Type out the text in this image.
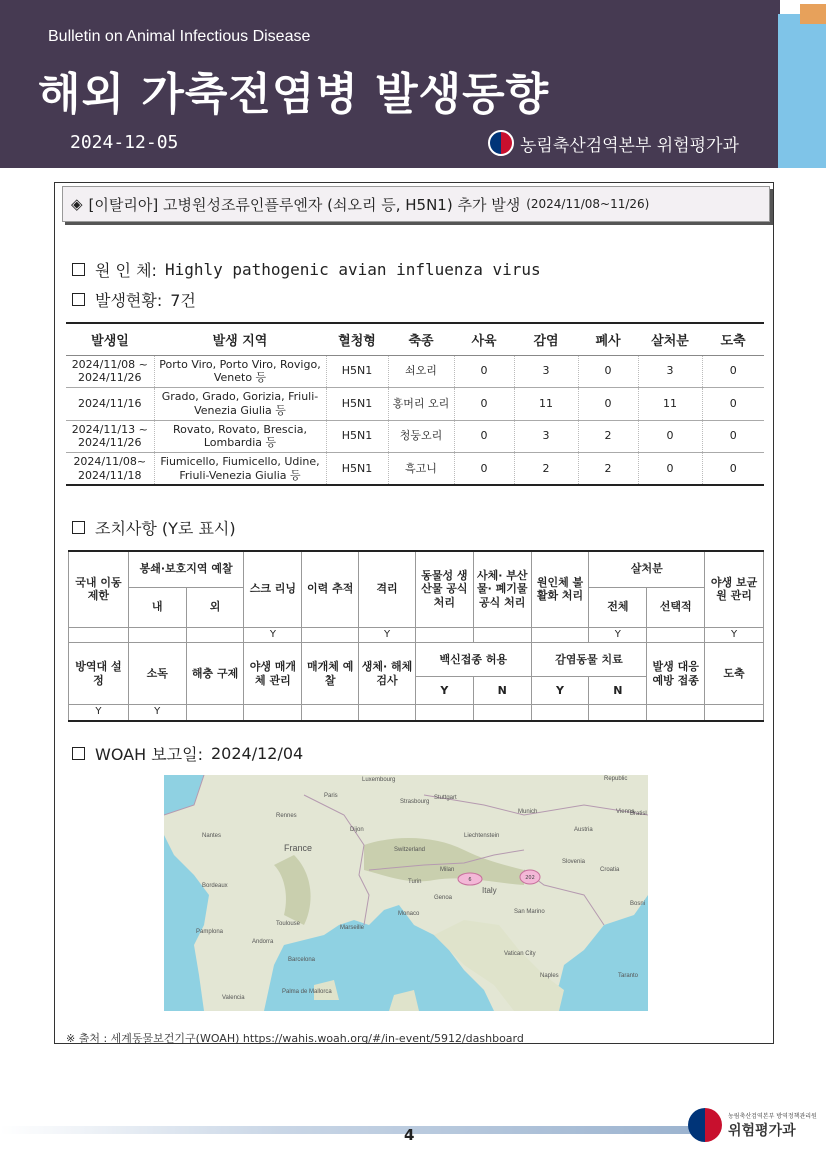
Bulletin on Animal Infectious Disease
해외 가축전염병 발생동향
2024-12-05	농림축산검역본부 위험평가과
◈ [이탈리아] 고병원성조류인플루엔자 (쇠오리 등, H5N1) 추가 발생 (2024/11/08~11/26)
원 인 체: Highly pathogenic avian influenza virus
발생현황: 7건
발생일	발생 지역	혈청형	축종	사육	감염	폐사	살처분	도축
2024/11/08 ~ 2024/11/26	Porto Viro, Porto Viro, Rovigo, Veneto 등	H5N1	쇠오리	0	3	0	3	0
2024/11/16	Grado, Grado, Gorizia, Friuli-Venezia Giulia 등	H5N1	홍머리 오리	0	11	0	11	0
2024/11/13 ~ 2024/11/26	Rovato, Rovato, Brescia, Lombardia 등	H5N1	청둥오리	0	3	2	0	0
2024/11/08~ 2024/11/18	Fiumicello, Fiumicello, Udine, Friuli-Venezia Giulia 등	H5N1	흑고니	0	2	2	0	0
조치사항 (Y로 표시)
국내 이동 제한	봉쇄·보호지역 예찰		스크 리닝	이력 추적	격리	동물성 생산물 공식 처리	사체· 부산물· 폐기물 공식 처리	원인체 불활화 처리	살처분		야생 보균원 관리
	내	외							전체	선택적	
			Y		Y				Y		Y
방역대 설정	소독	해충 구제	야생 매개체 관리	매개체 예찰	생체· 해체 검사	백신접종 허용		감염동물 치료		발생 대응 예방 접종	도축
						Y	N	Y	N		
Y	Y										
WOAH 보고일: 2024/12/04
6	202
Luxembourg	Republic
Paris	Stuttgart
Strasbourg
Munich	Vienna
Bratisl
Rennes
Dijon
Liechtenstein
Austria
Nantes
France	Switzerland
Slovenia
Croatia
Milan
Turin
Italy
Bordeaux
Genoa
Bosni
Marseille
San Marino
Toulouse
Pamplona
Monaco
Andorra
Barcelona
Vatican City
Naples
Valencia
Palma de Mallorca
Taranto
※ 출처 : 세계동물보건기구(WOAH) https://wahis.woah.org/#/in-event/5912/dashboard
4
농림축산검역본부 방역정책관리원
위험평가과
